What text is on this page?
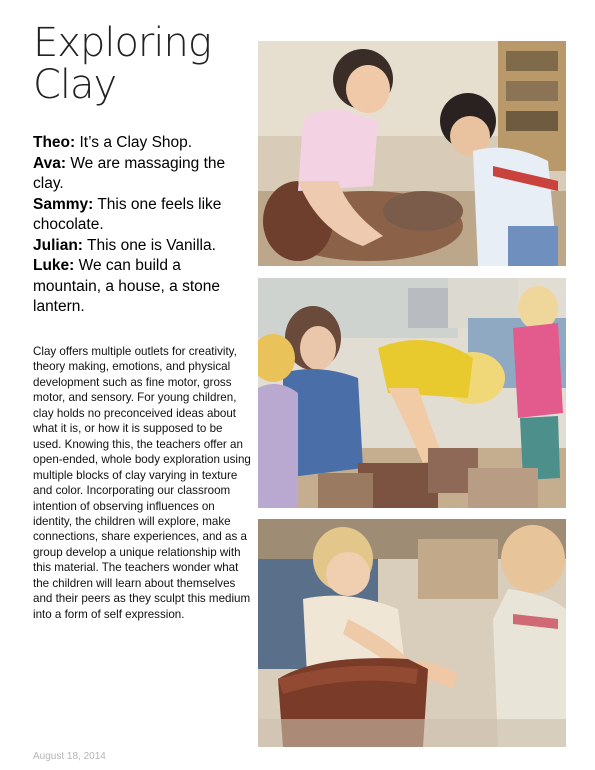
Exploring Clay

Theo: It’s a Clay Shop.

Ava: We are massaging the clay.

Sammy: This one feels like chocolate.

Julian: This one is Vanilla.

Luke: We can build a mountain, a house, a stone lantern.

Clay offers multiple outlets for creativity, theory making, emotions, and physical development such as fine motor, gross motor, and sensory. For young children, clay holds no preconceived ideas about what it is, or how it is supposed to be used. Knowing this, the teachers offer an open-ended, whole body exploration using multiple blocks of clay varying in texture and color. Incorporating our classroom intention of observing influences on identity, the children will explore, make connections, share experiences, and as a group develop a unique relationship with this material. The teachers wonder what the children will learn about themselves and their peers as they sculpt this medium into a form of self expression.

August 18, 2014
